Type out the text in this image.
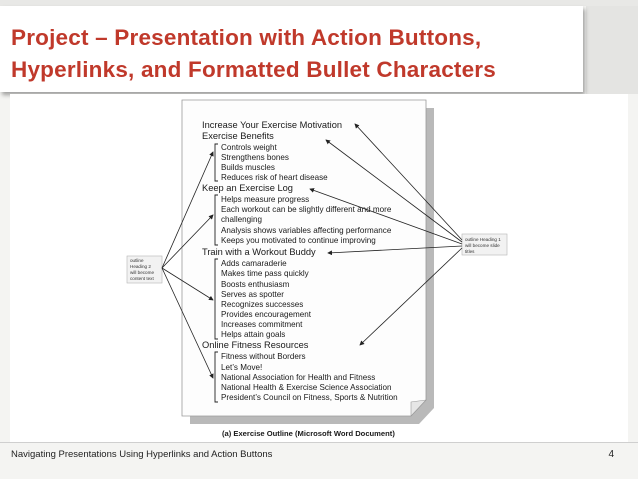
Project – Presentation with Action Buttons,
Hyperlinks, and Formatted Bullet Characters
Increase Your Exercise Motivation
Exercise Benefits
Keep an Exercise Log
Train with a Workout Buddy
Online Fitness Resources
Controls weight
Strengthens bones
Builds muscles
Reduces risk of heart disease
Helps measure progress
Each workout can be slightly different and more
challenging
Analysis shows variables affecting performance
Keeps you motivated to continue improving
Adds camaraderie
Makes time pass quickly
Boosts enthusiasm
Serves as spotter
Recognizes successes
Provides encouragement
Increases commitment
Helps attain goals
Fitness without Borders
Let’s Move!
National Association for Health and Fitness
National Health & Exercise Science Association
President’s Council on Fitness, Sports & Nutrition
outline
Heading 2
will become
content text
outline Heading 1
will become slide
titles
(a) Exercise Outline (Microsoft Word Document)
Navigating Presentations Using Hyperlinks and Action Buttons	4
